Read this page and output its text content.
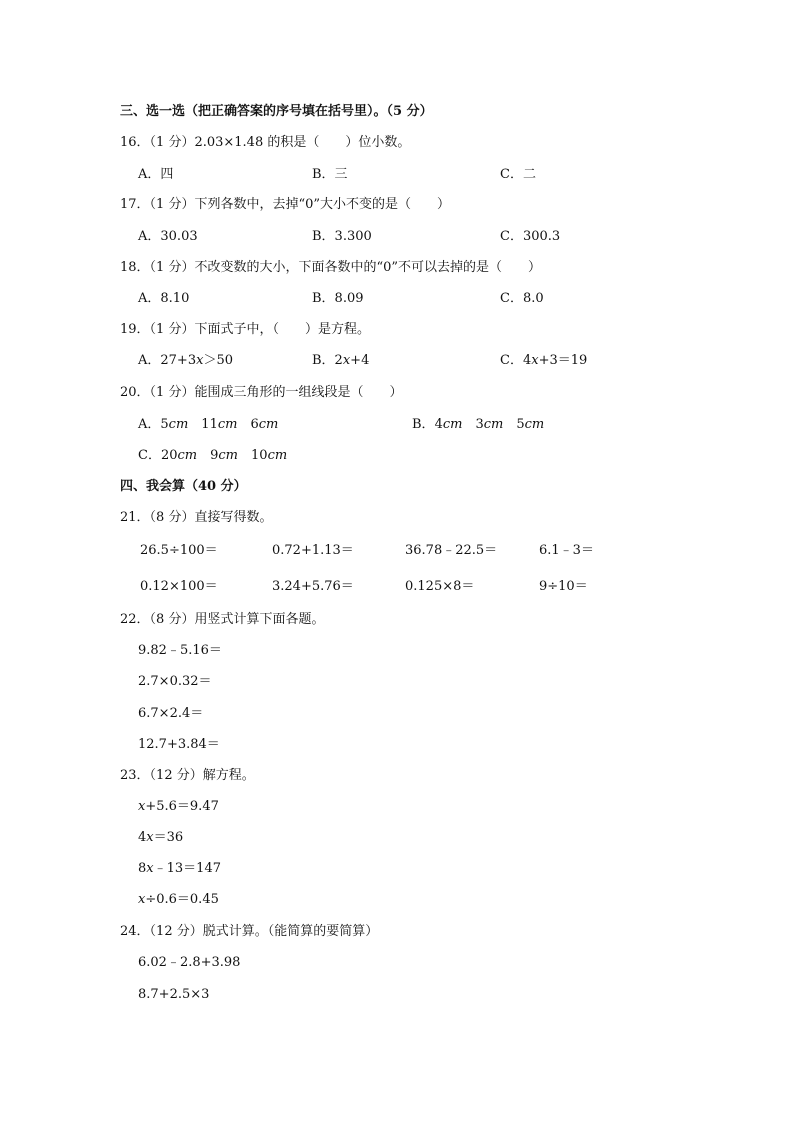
三、选一选（把正确答案的序号填在括号里）。（5 分）
16．（1 分）2.03×1.48 的积是（　　）位小数。
A．四	B．三	C．二
17．（1 分）下列各数中，去掉“0”大小不变的是（　　）
A．30.03	B．3.300	C．300.3
18．（1 分）不改变数的大小，下面各数中的“0”不可以去掉的是（　　）
A．8.10	B．8.09	C．8.0
19．（1 分）下面式子中，（　　）是方程。
A．27+3x＞50	B．2x+4	C．4x+3＝19
20．（1 分）能围成三角形的一组线段是（　　）
A．5cm　 11cm　 6cm	B．4cm　 3cm　 5cm
C．20cm　 9cm　 10cm
四、我会算（40 分）
21．（8 分）直接写得数。
26.5÷100＝	0.72+1.13＝	36.78﹣22.5＝	6.1﹣3＝
0.12×100＝	3.24+5.76＝	0.125×8＝	9÷10＝
22．（8 分）用竖式计算下面各题。
9.82﹣5.16＝
2.7×0.32＝
6.7×2.4＝
12.7+3.84＝
23．（12 分）解方程。
x+5.6＝9.47
4x＝36
8x﹣13＝147
x÷0.6＝0.45
24．（12 分）脱式计算。（能简算的要简算）
6.02﹣2.8+3.98
8.7+2.5×3
